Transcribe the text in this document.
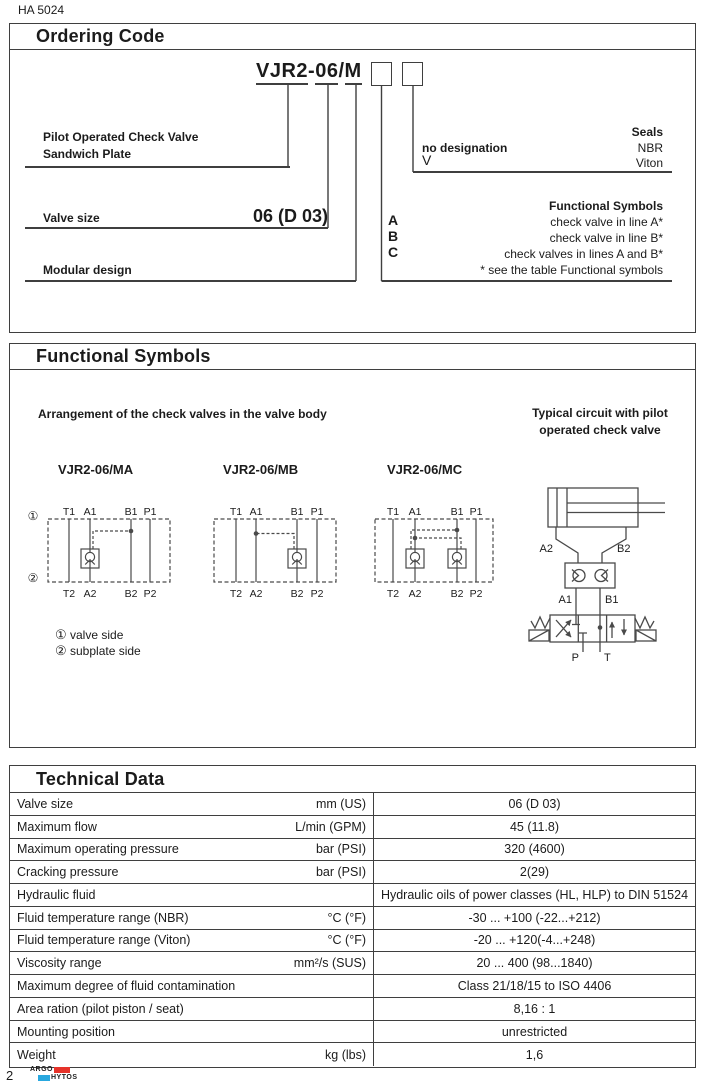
HA 5024
Ordering Code
VJR2-06/M
Pilot Operated Check Valve
Sandwich Plate
Valve size	06 (D 03)
Modular design
Seals
no designation	NBR
V	Viton
Functional Symbols
A	check valve in line A*
B	check valve in line B*
C	check valves in lines A and B*
* see the table Functional symbols
Functional Symbols
Arrangement of the check valves in the valve body	Typical circuit with pilot
operated check valve
VJR2-06/MA	VJR2-06/MB	VJR2-06/MC
① valve side
② subplate side
Technical Data
Valve size	mm (US)	06 (D 03)
Maximum flow	L/min (GPM)	45 (11.8)
Maximum operating pressure	bar (PSI)	320 (4600)
Cracking pressure	bar (PSI)	2(29)
Hydraulic fluid	Hydraulic oils of power classes (HL, HLP) to DIN 51524
Fluid temperature range (NBR)	°C (°F)	-30 ... +100 (-22...+212)
Fluid temperature range (Viton)	°C (°F)	-20 ... +120(-4...+248)
Viscosity range	mm²/s (SUS)	20 ... 400 (98...1840)
Maximum degree of fluid contamination	Class 21/18/15 to ISO 4406
Area ration (pilot piston / seat)	8,16 : 1
Mounting position	unrestricted
Weight	kg (lbs)	1,6
2 ARGO
HYTOS
T1 A1	B1 P1
T2 A2	B2 P2
T1 A1	B1 P1
T2 A2	B2 P2
T1 A1	B1 P1
T2 A2	B2 P2
①
②
A2	B2
A1	B1
P T
